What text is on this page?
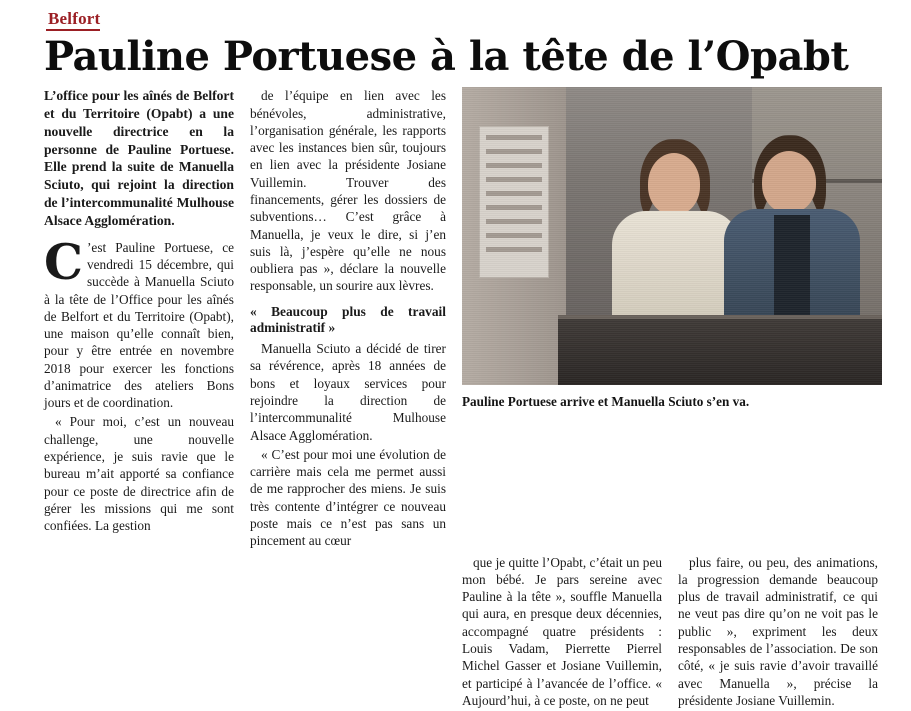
Belfort
Pauline Portuese à la tête de l’Opabt
L’office pour les aînés de Belfort et du Territoire (Opabt) a une nouvelle directrice en la personne de Pauline Portuese. Elle prend la suite de Manuella Sciuto, qui rejoint la direction de l’intercommunalité Mulhouse Alsace Agglomération.
C ’est Pauline Portuese, ce vendredi 15 décembre, qui succède à Manuella Sciuto à la tête de l’Office pour les aînés de Belfort et du Territoire (Opabt), une maison qu’elle connaît bien, pour y être entrée en novembre 2018 pour exercer les fonctions d’animatrice des ateliers Bons jours et de coordination.
« Pour moi, c’est un nouveau challenge, une nouvelle expérience, je suis ravie que le bureau m’ait apporté sa confiance pour ce poste de directrice afin de gérer les missions qui me sont confiées. La gestion
de l’équipe en lien avec les bénévoles, administrative, l’organisation générale, les rapports avec les instances bien sûr, toujours en lien avec la présidente Josiane Vuillemin. Trouver des financements, gérer les dossiers de subventions… C’est grâce à Manuella, je veux le dire, si j’en suis là, j’espère qu’elle ne nous oubliera pas », déclare la nouvelle responsable, un sourire aux lèvres.
« Beaucoup plus de travail administratif »
Manuella Sciuto a décidé de tirer sa révérence, après 18 années de bons et loyaux services pour rejoindre la direction de l’intercommunalité Mulhouse Alsace Agglomération.
« C’est pour moi une évolution de carrière mais cela me permet aussi de me rapprocher des miens. Je suis très contente d’intégrer ce nouveau poste mais ce n’est pas sans un pincement au cœur
Pauline Portuese arrive et Manuella Sciuto s’en va.
que je quitte l’Opabt, c’était un peu mon bébé. Je pars sereine avec Pauline à la tête », souffle Manuella qui aura, en presque deux décennies, accompagné quatre présidents : Louis Vadam, Pierrette Pierrel Michel Gasser et Josiane Vuillemin, et participé à l’avancée de l’office. « Aujourd’hui, à ce poste, on ne peut
plus faire, ou peu, des animations, la progression demande beaucoup plus de travail administratif, ce qui ne veut pas dire qu’on ne voit pas le public », expriment les deux responsables de l’association. De son côté, « je suis ravie d’avoir travaillé avec Manuella », précise la présidente Josiane Vuillemin.
